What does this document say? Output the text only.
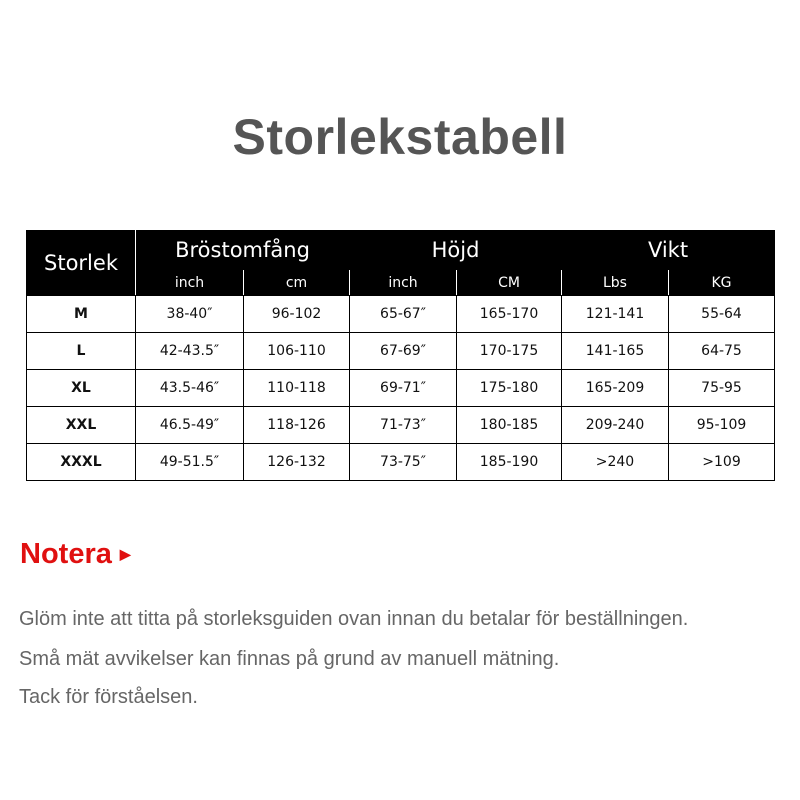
Storlekstabell
Storlek	Bröstomfång		Höjd		Vikt	
	inch	cm	inch	CM	Lbs	KG
M	38-40″	96-102	65-67″	165-170	121-141	55-64
L	42-43.5″	106-110	67-69″	170-175	141-165	64-75
XL	43.5-46″	110-118	69-71″	175-180	165-209	75-95
XXL	46.5-49″	118-126	71-73″	180-185	209-240	95-109
XXXL	49-51.5″	126-132	73-75″	185-190	>240	>109
Notera ▶
Glöm inte att titta på storleksguiden ovan innan du betalar för beställningen.
Små mät avvikelser kan finnas på grund av manuell mätning.
Tack för förståelsen.
